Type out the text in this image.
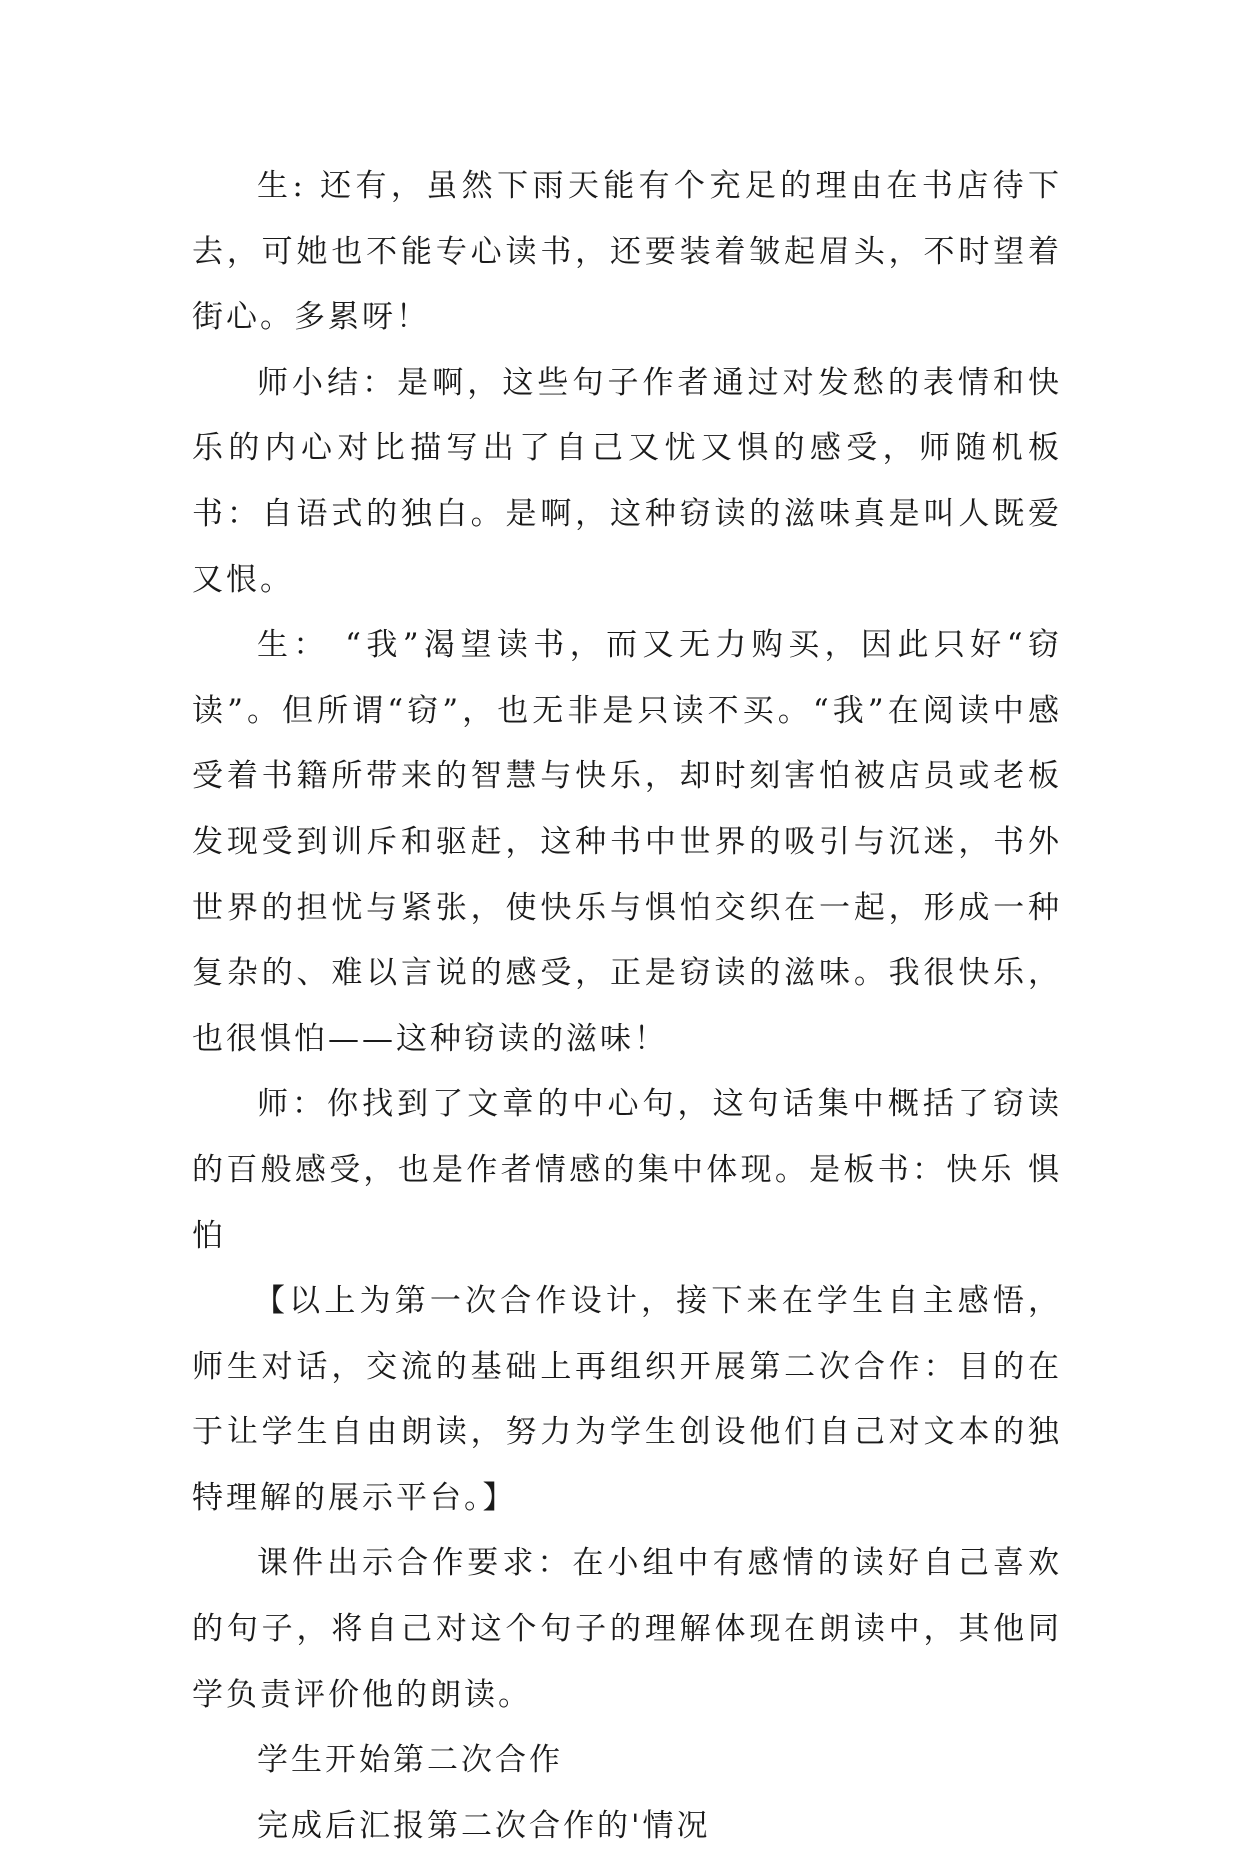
生: 还有，虽然下雨天能有个充足的理由在书店待下去，可她也不能专心读书，还要装着皱起眉头，不时望着街心。多累呀！

师小结：是啊，这些句子作者通过对发愁的表情和快乐的内心对比描写出了自己又忧又惧的感受，师随机板书：自语式的独白。是啊，这种窃读的滋味真是叫人既爱又恨。

生： “我”渴望读书，而又无力购买，因此只好“窃读”。但所谓“窃”，也无非是只读不买。“我”在阅读中感受着书籍所带来的智慧与快乐，却时刻害怕被店员或老板发现受到训斥和驱赶，这种书中世界的吸引与沉迷，书外世界的担忧与紧张，使快乐与惧怕交织在一起，形成一种复杂的、难以言说的感受，正是窃读的滋味。我很快乐，也很惧怕——这种窃读的滋味！

师：你找到了文章的中心句，这句话集中概括了窃读的百般感受，也是作者情感的集中体现。是板书：快乐 惧怕

【以上为第一次合作设计，接下来在学生自主感悟，师生对话，交流的基础上再组织开展第二次合作：目的在于让学生自由朗读，努力为学生创设他们自己对文本的独特理解的展示平台。】

课件出示合作要求：在小组中有感情的读好自己喜欢的句子，将自己对这个句子的理解体现在朗读中，其他同学负责评价他的朗读。

学生开始第二次合作

完成后汇报第二次合作的'情况
